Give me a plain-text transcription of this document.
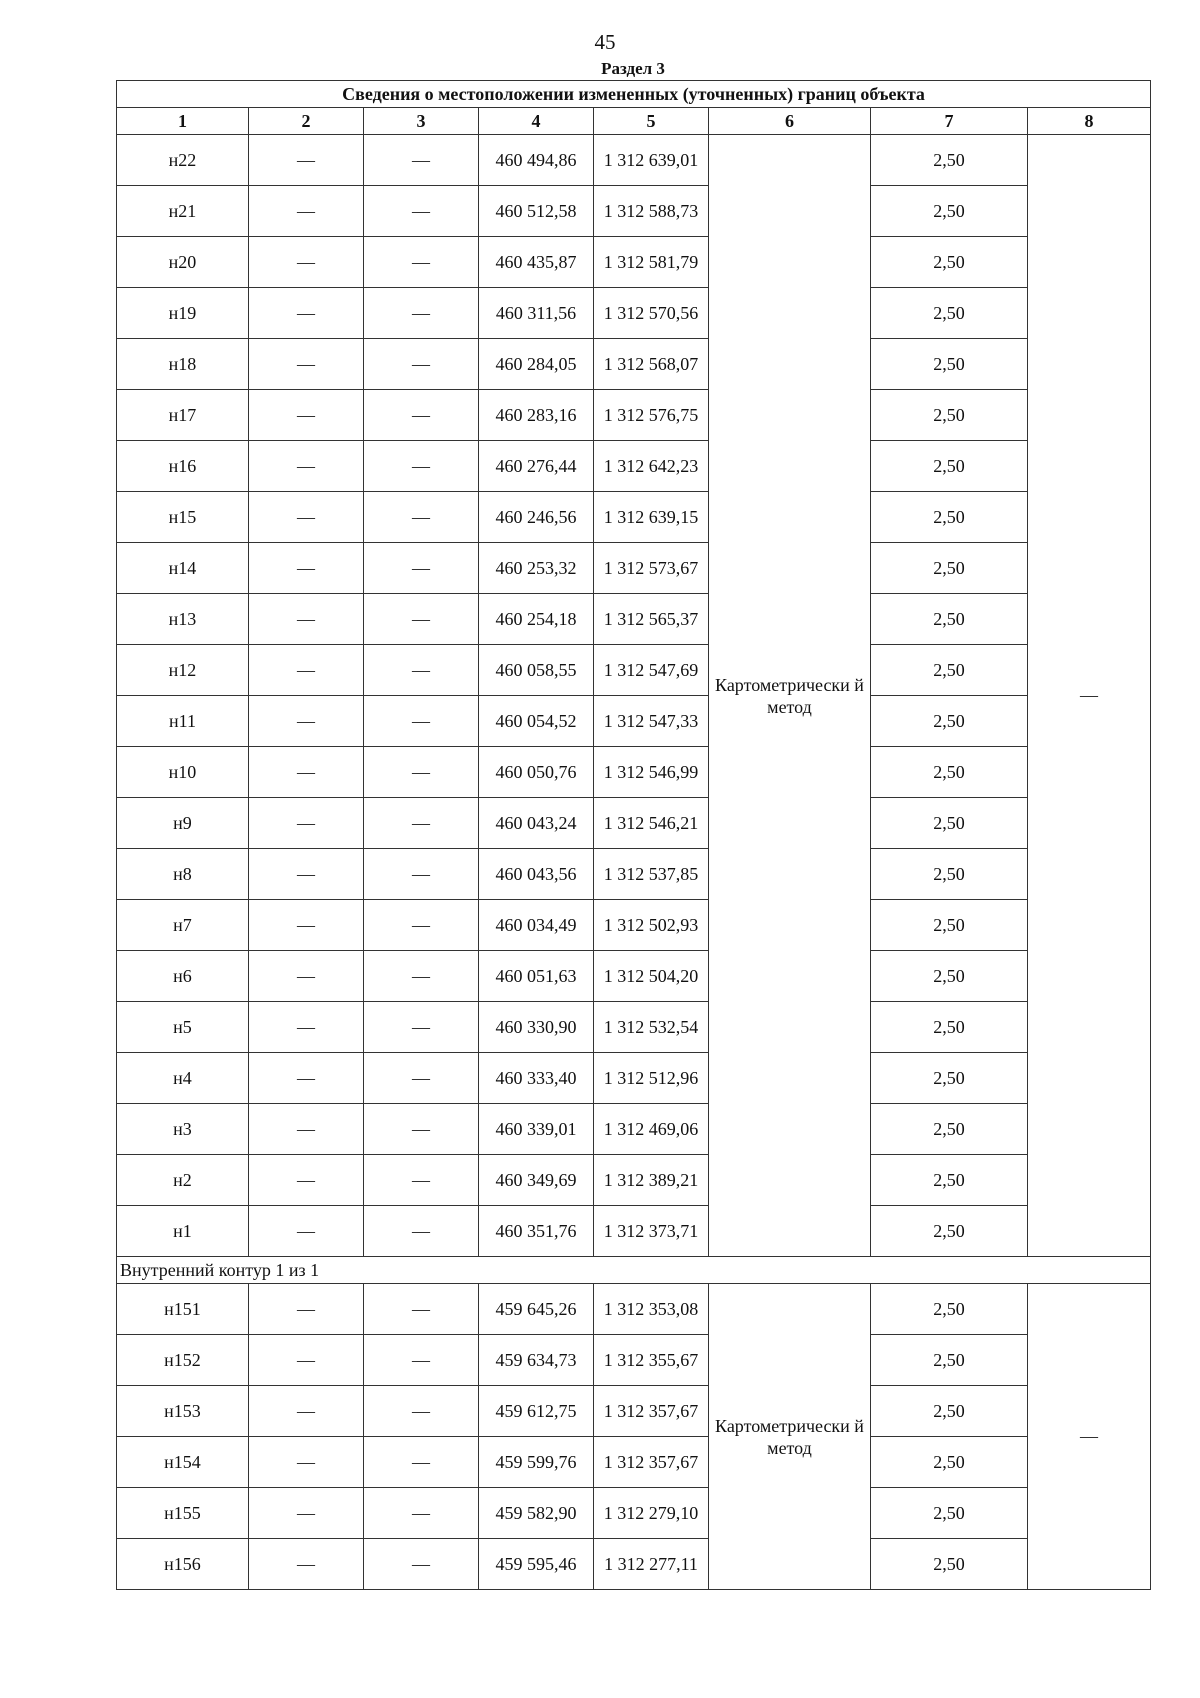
45
Раздел 3
Сведения о местоположении измененных (уточненных) границ объекта							
1	2	3	4	5	6	7	8
н22	—	—	460 494,86	1 312 639,01	Картометрически й метод	2,50	—
н21	—	—	460 512,58	1 312 588,73		2,50	
н20	—	—	460 435,87	1 312 581,79		2,50	
н19	—	—	460 311,56	1 312 570,56		2,50	
н18	—	—	460 284,05	1 312 568,07		2,50	
н17	—	—	460 283,16	1 312 576,75		2,50	
н16	—	—	460 276,44	1 312 642,23		2,50	
н15	—	—	460 246,56	1 312 639,15		2,50	
н14	—	—	460 253,32	1 312 573,67		2,50	
н13	—	—	460 254,18	1 312 565,37		2,50	
н12	—	—	460 058,55	1 312 547,69		2,50	
н11	—	—	460 054,52	1 312 547,33		2,50	
н10	—	—	460 050,76	1 312 546,99		2,50	
н9	—	—	460 043,24	1 312 546,21		2,50	
н8	—	—	460 043,56	1 312 537,85		2,50	
н7	—	—	460 034,49	1 312 502,93		2,50	
н6	—	—	460 051,63	1 312 504,20		2,50	
н5	—	—	460 330,90	1 312 532,54		2,50	
н4	—	—	460 333,40	1 312 512,96		2,50	
н3	—	—	460 339,01	1 312 469,06		2,50	
н2	—	—	460 349,69	1 312 389,21		2,50	
н1	—	—	460 351,76	1 312 373,71		2,50	
Внутренний контур 1 из 1							
н151	—	—	459 645,26	1 312 353,08	Картометрически й метод	2,50	—
н152	—	—	459 634,73	1 312 355,67		2,50	
н153	—	—	459 612,75	1 312 357,67		2,50	
н154	—	—	459 599,76	1 312 357,67		2,50	
н155	—	—	459 582,90	1 312 279,10		2,50	
н156	—	—	459 595,46	1 312 277,11		2,50	
